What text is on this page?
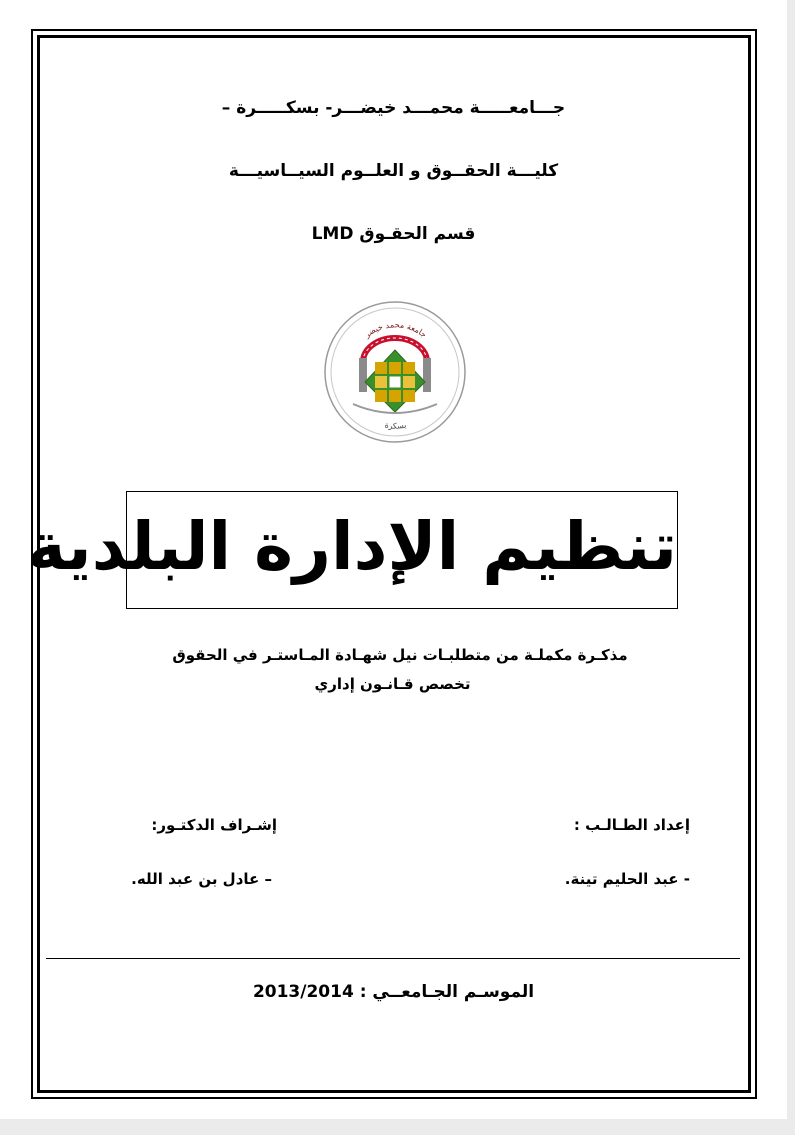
جـــامعـــــة محمـــد خيضـــر- بسكـــــرة –
كليـــة الحقــوق و العلــوم السيــاسيـــة
قسم الحقـوق LMD
جامعة محمد خيضر
بسكرة
تنظيم الإدارة البلدية
مذكـرة مكملـة من متطلبـات نيل شهـادة المـاستـر في الحقوق
تخصص قـانـون إداري
إعداد الطـالـب :
إشـراف الدكتـور:
- عبد الحليم تينة.
– عادل بن عبد الله.
الموسـم الجـامعــي : 2013/2014
